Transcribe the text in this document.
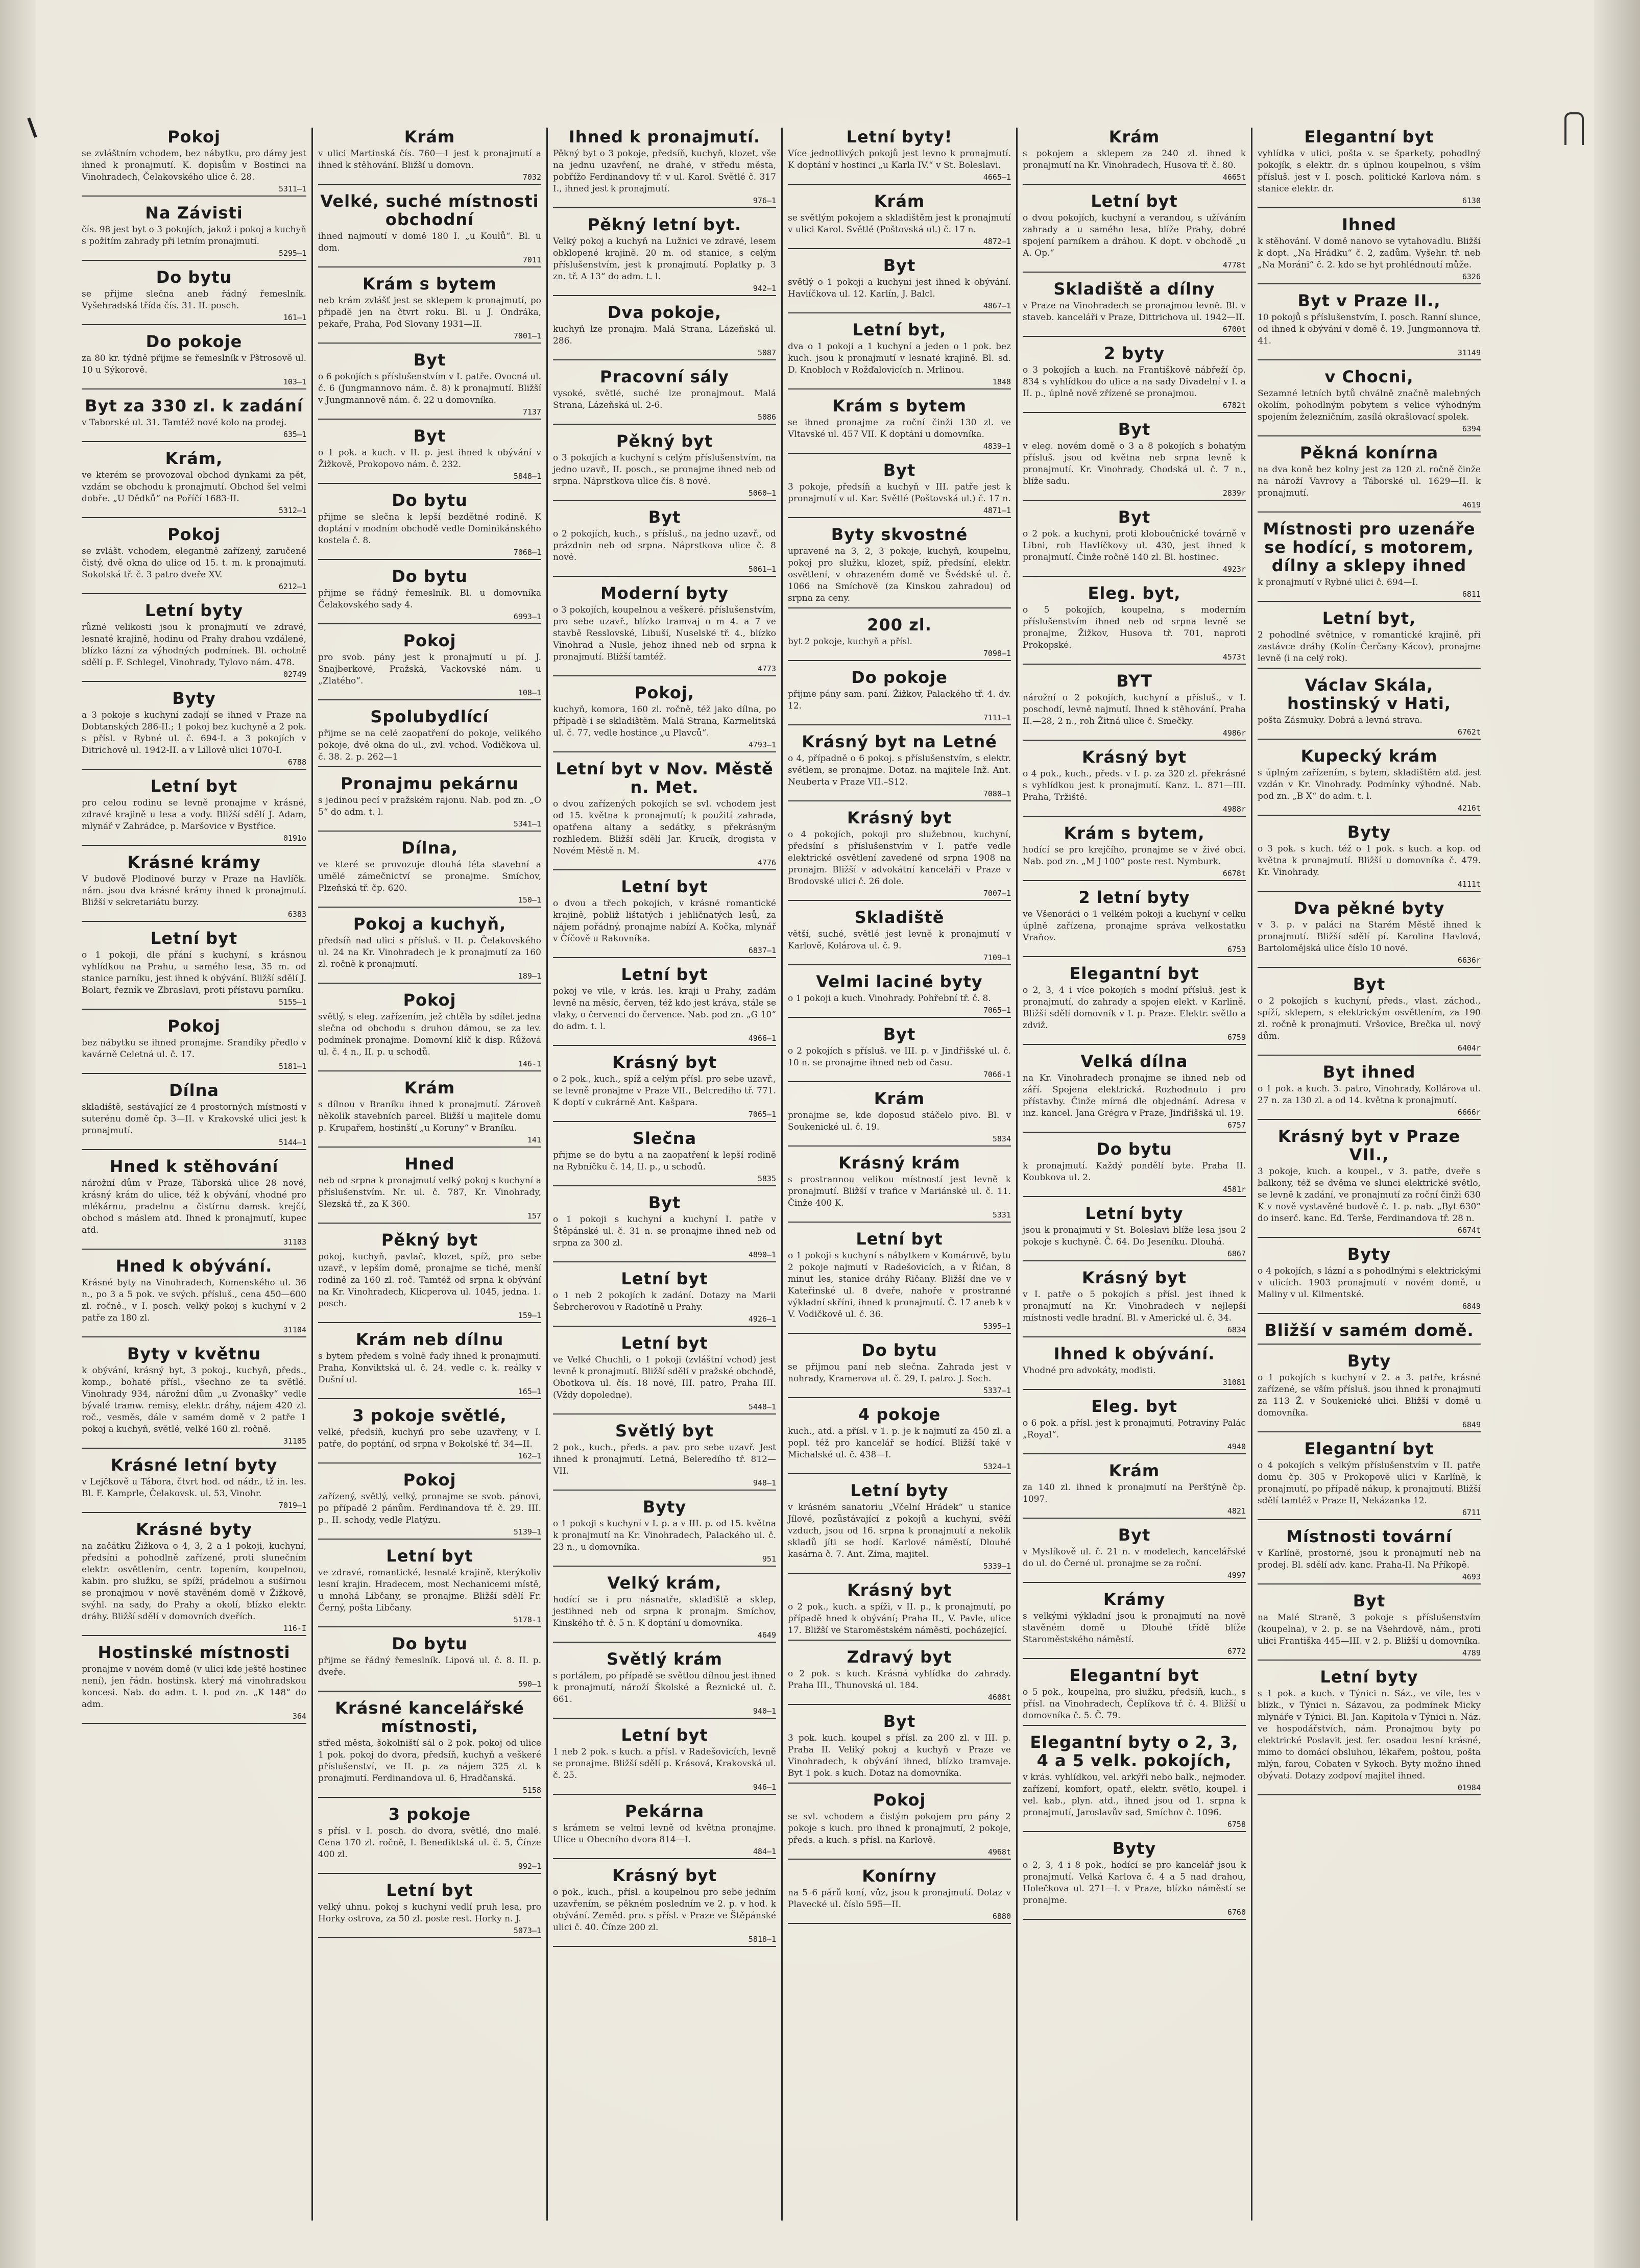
Pokoj

se zvláštním vchodem, bez nábytku, pro dámy jest ihned k pronajmutí. K. dopisům v Bostinci na Vinohradech, Čelakovského ulice č. 28.

5311—1
Na Závisti

čís. 98 jest byt o 3 pokojích, jakož i pokoj a kuchyň s požitím zahrady při letním pronajmutí.

5295—1
Do bytu

se přijme slečna aneb řádný řemeslník. Vyšehradská třída čís. 31. II. posch.

161—1
Do pokoje

za 80 kr. týdně přijme se řemeslník v Pštrosově ul. 10 u Sýkorově.

103—1
Byt za 330 zl. k zadání

v Taborské ul. 31. Tamtéž nové kolo na prodej.

635—1
Krám,

ve kterém se provozoval obchod dynkami za pět, vzdám se obchodu k pronajmutí. Obchod šel velmi dobře. „U Dědků“ na Poříčí 1683-II.

5312—1
Pokoj

se zvlášt. vchodem, elegantně zařízený, zaručeně čistý, dvě okna do ulice od 15. t. m. k pronajmutí. Sokolská tř. č. 3 patro dveře XV.

6212—1
Letní byty

různé velikosti jsou k pronajmutí ve zdravé, lesnaté krajině, hodinu od Prahy drahou vzdálené, blízko lázní za výhodných podmínek. Bl. ochotně sdělí p. F. Schlegel, Vinohrady, Tylovo nám. 478.

02749
Byty

a 3 pokoje s kuchyní zadají se ihned v Praze na Dobtanských 286-II.; 1 pokoj bez kuchyně a 2 pok. s přísl. v Rybné ul. č. 694-I. a 3 pokojích v Ditrichově ul. 1942-II. a v Lillově ulici 1070-I.

6788
Letní byt

pro celou rodinu se levně pronajme v krásné, zdravé krajině u lesa a vody. Bližší sdělí J. Adam, mlynář v Zahrádce, p. Maršovice v Bystřice.

0191o
Krásné krámy

V budově Plodinové burzy v Praze na Havlíčk. nám. jsou dva krásné krámy ihned k pronajmutí. Bližší v sekretariátu burzy.

6383
Letní byt

o 1 pokoji, dle přání s kuchyní, s krásnou vyhlídkou na Prahu, u samého lesa, 35 m. od stanice parníku, jest ihned k obývání. Bližší sdělí J. Bolart, řezník ve Zbraslavi, proti přístavu parníku.

5155—1
Pokoj

bez nábytku se ihned pronajme. Srandíky předlo v kavárně Celetná ul. č. 17.

5181—1
Dílna

skladiště, sestávající ze 4 prostorných místností v suterénu domě čp. 3—II. v Krakovské ulici jest k pronajmutí.

5144—1
Hned k stěhování

nárožní dům v Praze, Táborská ulice 28 nové, krásný krám do ulice, též k obývání, vhodné pro mlékárnu, pradelnu a čistírnu damsk. krejčí, obchod s máslem atd. Ihned k pronajmutí, kupec atd.

31103
Hned k obývání.

Krásné byty na Vinohradech, Komenského ul. 36 n., po 3 a 5 pok. ve svých. přísluš., cena 450—600 zl. ročně., v I. posch. velký pokoj s kuchyní v 2 patře za 180 zl.

31104
Byty v květnu

k obývání, krásný byt, 3 pokoj., kuchyň, předs., komp., bohaté přísl., všechno ze ta světlé. Vinohrady 934, nárožní dům „u Zvonašky“ vedle bývalé tramw. remisy, elektr. dráhy, nájem 420 zl. roč., vesměs, dále v samém domě v 2 patře 1 pokoj a kuchyň, světlé, velké 160 zl. ročně.

31105
Krásné letní byty

v Lejčkově u Tábora, čtvrt hod. od nádr., tž in. les. Bl. F. Kamprle, Čelakovsk. ul. 53, Vinohr.

7019—1
Krásné byty

na začátku Žižkova o 4, 3, 2 a 1 pokoji, kuchyní, předsíni a pohodlně zařízené, proti slunečním elektr. osvětlením, centr. topením, koupelnou, kabin. pro služku, se spíží, prádelnou a sušírnou se pronajmou v nově stavěném domě v Žižkově, svýhl. na sady, do Prahy a okolí, blízko elektr. dráhy. Bližší sdělí v domovních dveřích.

116-I
Hostinské místnosti

pronajme v novém domě (v ulici kde ještě hostinec není), jen řádn. hostinsk. který má vinohradskou koncesi. Nab. do adm. t. l. pod zn. „K 148“ do adm.

364
Krám

v ulici Martinská čís. 760—1 jest k pronajmutí a ihned k stěhování. Bližší u domovn.

7032
Velké, suché místnosti obchodní

ihned najmoutí v domě 180 I. „u Koulů“. Bl. u dom.

7011
Krám s bytem

neb krám zvlášť jest se sklepem k pronajmutí, po připadě jen na čtvrt roku. Bl. u J. Ondráka, pekaře, Praha, Pod Slovany 1931—II.

7001—1
Byt

o 6 pokojích s příslušenstvím v I. patře. Ovocná ul. č. 6 (Jungmannovo nám. č. 8) k pronajmutí. Bližší v Jungmannově nám. č. 22 u domovníka.

7137
Byt

o 1 pok. a kuch. v II. p. jest ihned k obývání v Žižkově, Prokopovo nám. č. 232.

5848—1
Do bytu

přijme se slečna k lepší bezdětné rodině. K doptání v modním obchodě vedle Dominikánského kostela č. 8.

7068—1
Do bytu

přijme se řádný řemeslník. Bl. u domovníka Čelakovského sady 4.

6993—1
Pokoj

pro svob. pány jest k pronajmutí u pí. J. Snajberkové, Pražská, Vackovské nám. u „Zlatého“.

108—1
Spolubydlící

přijme se na celé zaopatření do pokoje, velikého pokoje, dvě okna do ul., zvl. vchod. Vodičkova ul. č. 38. 2. p. 262—1

Pronajmu pekárnu

s jedinou pecí v pražském rajonu. Nab. pod zn. „O 5“ do adm. t. l.

5341—1
Dílna,

ve které se provozuje dlouhá léta stavební a umělé zámečnictví se pronajme. Smíchov, Plzeňská tř. čp. 620.

150—1
Pokoj a kuchyň,

předsíň nad ulici s přísluš. v II. p. Čelakovského ul. 24 na Kr. Vinohradech je k pronajmutí za 160 zl. ročně k pronajmutí.

189—1
Pokoj

světlý, s eleg. zařízením, jež chtěla by sdílet jedna slečna od obchodu s druhou dámou, se za lev. podmínek pronajme. Domovní klíč k disp. Růžová ul. č. 4 n., II. p. u schodů.

146-1
Krám

s dílnou v Braníku ihned k pronajmutí. Zároveň několik stavebních parcel. Bližší u majitele domu p. Krupařem, hostinští „u Koruny“ v Braníku.

141
Hned

neb od srpna k pronajmutí velký pokoj s kuchyní a příslušenstvím. Nr. ul. č. 787, Kr. Vinohrady, Slezská tř., za K 360.

157
Pěkný byt

pokoj, kuchyň, pavlač, klozet, spíž, pro sebe uzavř., v lepším domě, pronajme se tiché, menší rodině za 160 zl. roč. Tamtéž od srpna k obývání na Kr. Vinohradech, Klicperova ul. 1045, jedna. 1. posch.

159—1
Krám neb dílnu

s bytem předem s volně řady ihned k pronajmutí. Praha, Konviktská ul. č. 24. vedle c. k. reálky v Dušní ul.

165—1
3 pokoje světlé,

velké, předsíň, kuchyň pro sebe uzavřeny, v I. patře, do poptání, od srpna v Bokolské tř. 34—II.

162—1
Pokoj

zařízený, světlý, velký, pronajme se svob. pánovi, po případě 2 pánům. Ferdinandova tř. č. 29. III. p., II. schody, vedle Platýzu.

5139—1
Letní byt

ve zdravé, romantické, lesnaté krajině, kterýkoliv lesní krajin. Hradecem, most Nechanicemi místě, u mnohá Libčany, se pronajme. Bližší sdělí Fr. Černý, pošta Libčany.

5178-1
Do bytu

přijme se řádný řemeslník. Lipová ul. č. 8. II. p. dveře.

590—1
Krásné kancelářské místnosti,

střed města, šokolniští sál o 2 pok. pokoj od ulice 1 pok. pokoj do dvora, předsíň, kuchyň a veškeré příslušenství, ve II. p. za nájem 325 zl. k pronajmutí. Ferdinandova ul. 6, Hradčanská.

5158
3 pokoje

s přísl. v I. posch. do dvora, světlé, dno malé. Cena 170 zl. ročně, I. Benediktská ul. č. 5, Čínze 400 zl.

992—1
Letní byt

velký uhnu. pokoj s kuchyní vedlí pruh lesa, pro Horky ostrova, za 50 zl. poste rest. Horky n. J.

5073—1
Ihned k pronajmutí.

Pěkný byt o 3 pokoje, předsíň, kuchyň, klozet, vše na jednu uzavření, ne drahé, v středu města, pobřížo Ferdinandovy tř. v ul. Karol. Světlé č. 317 I., ihned jest k pronajmutí.

976—1
Pěkný letní byt.

Velký pokoj a kuchyň na Lužnici ve zdravé, lesem obklopené krajině. 20 m. od stanice, s celým příslušenstvím, jest k pronajmutí. Poplatky p. 3 zn. tř. A 13“ do adm. t. l.

942—1
Dva pokoje,

kuchyň lze pronajm. Malá Strana, Lázeňská ul. 286.

5087
Pracovní sály

vysoké, světlé, suché lze pronajmout. Malá Strana, Lázeňská ul. 2-6.

5086
Pěkný byt

o 3 pokojích a kuchyní s celým příslušenstvím, na jedno uzavř., II. posch., se pronajme ihned neb od srpna. Náprstkova ulice čís. 8 nové.

5060—1
Byt

o 2 pokojích, kuch., s přísluš., na jedno uzavř., od prázdnin neb od srpna. Náprstkova ulice č. 8 nové.

5061—1
Moderní byty

o 3 pokojích, koupelnou a veškeré. příslušenstvím, pro sebe uzavř., blízko tramvaj o m 4. a 7 ve stavbě Resslovské, Libuší, Nuselské tř. 4., blízko Vinohrad a Nusle, jehoz ihned neb od srpna k pronajmutí. Bližší tamtéž.

4773
Pokoj,

kuchyň, komora, 160 zl. ročně, též jako dílna, po případě i se skladištěm. Malá Strana, Karmelitská ul. č. 77, vedle hostince „u Plavců“.

4793—1
Letní byt v Nov. Městě n. Met.

o dvou zařízených pokojích se svl. vchodem jest od 15. května k pronajmutí; k použití zahrada, opatřena altany a sedátky, s překrásným rozhledem. Bližší sdělí Jar. Krucík, drogista v Novém Městě n. M.

4776
Letní byt

o dvou a třech pokojích, v krásné romantické krajině, pobliž lištatých i jehličnatých lesů, za nájem pořádný, pronajme nabízí A. Kočka, mlynář v Číčově u Rakovníka.

6837—1
Letní byt

pokoj ve vile, v krás. les. kraji u Prahy, zadám levně na měsíc, červen, též kdo jest kráva, stále se vlaky, o červenci do července. Nab. pod zn. „G 10“ do adm. t. l.

4966—1
Krásný byt

o 2 pok., kuch., spíž a celým přísl. pro sebe uzavř., se levně pronajme v Praze VII., Belcrediho tř. 771. K doptí v cukrárně Ant. Kašpara.

7065—1
Slečna

přijme se do bytu a na zaopatření k lepší rodině na Rybníčku č. 14, II. p., u schodů.

5835
Byt

o 1 pokoji s kuchyní a kuchyní I. patře v Štěpánské ul. č. 31 n. se pronajme ihned neb od srpna za 300 zl.

4890—1
Letní byt

o 1 neb 2 pokojích k zadání. Dotazy na Marii Šebrcherovou v Radotíně u Prahy.

4926—1
Letní byt

ve Velké Chuchli, o 1 pokoji (zvláštní vchod) jest levně k pronajmutí. Bližší sdělí v pražské obchodě, Obotkova ul. čís. 18 nové, III. patro, Praha III. (Vždy dopoledne).

5448—1
Světlý byt

2 pok., kuch., předs. a pav. pro sebe uzavř. Jest ihned k pronajmutí. Letná, Beleredího tř. 812—VII.

948—1
Byty

o 1 pokoji s kuchyní v I. p. a v III. p. od 15. května k pronajmutí na Kr. Vinohradech, Palackého ul. č. 23 n., u domovníka.

951
Velký krám,

hodící se i pro násnatře, skladiště a sklep, jestihned neb od srpna k pronajm. Smíchov, Kinského tř. č. 5 n. K doptání u domovníka.

4649
Světlý krám

s portálem, po případě se světlou dílnou jest ihned k pronajmutí, nároží Školské a Řeznické ul. č. 661.

940—1
Letní byt

1 neb 2 pok. s kuch. a přísl. v Radešovicích, levně se pronajme. Bližší sdělí p. Krásová, Krakovská ul. č. 25.

946—1
Pekárna

s krámem se velmi levně od května pronajme. Ulice u Obecního dvora 814—I.

484—1
Krásný byt

o pok., kuch., přísl. a koupelnou pro sebe jedním uzavřením, se pěkném posledním ve 2. p. v hod. k obývání. Zeměd. pro. s přísl. v Praze ve Štěpánské ulici č. 40. Čínze 200 zl.

5818—1
Letní byty!

Více jednotlivých pokojů jest levno k pronajmutí. K doptání v hostinci „u Karla IV.“ v St. Boleslavi.

4665—1
Krám

se světlým pokojem a skladištěm jest k pronajmutí v ulici Karol. Světlé (Poštovská ul.) č. 17 n.

4872—1
Byt

světlý o 1 pokoji a kuchyni jest ihned k obývání. Havlíčkova ul. 12. Karlín, J. Balcl.

4867—1
Letní byt,

dva o 1 pokoji a 1 kuchyní a jeden o 1 pok. bez kuch. jsou k pronajmutí v lesnaté krajině. Bl. sd. D. Knobloch v Rožďalovicích n. Mrlinou.

1848
Krám s bytem

se ihned pronajme za roční činži 130 zl. ve Vltavské ul. 457 VII. K doptání u domovníka.

4839—1
Byt

3 pokoje, předsíň a kuchyň v III. patře jest k pronajmutí v ul. Kar. Světlé (Poštovská ul.) č. 17 n.

4871—1
Byty skvostné

upravené na 3, 2, 3 pokoje, kuchyň, koupelnu, pokoj pro služku, klozet, spíž, předsíní, elektr. osvětlení, v ohrazeném domě ve Švédské ul. č. 1066 na Smíchově (za Kinskou zahradou) od srpna za ceny.

200 zl.

byt 2 pokoje, kuchyň a přísl.

7098—1
Do pokoje

přijme pány sam. paní. Žižkov, Palackého tř. 4. dv. 12.

7111—1
Krásný byt na Letné

o 4, případně o 6 pokoj. s příslušenstvím, s elektr. světlem, se pronajme. Dotaz. na majitele Inž. Ant. Neuberta v Praze VII.–S12.

7080—1
Krásný byt

o 4 pokojích, pokoji pro služebnou, kuchyní, předsíní s příslušenstvím v I. patře vedle elektrické osvětlení zavedené od srpna 1908 na pronajm. Bližší v advokátní kanceláři v Praze v Brodovské ulici č. 26 dole.

7007—1
Skladiště

větší, suché, světlé jest levně k pronajmutí v Karlově, Kolárova ul. č. 9.

7109—1
Velmi laciné byty

o 1 pokoji a kuch. Vinohrady. Pohřební tř. č. 8.

7065—1
Byt

o 2 pokojích s přísluš. ve III. p. v Jindřišské ul. č. 10 n. se pronajme ihned neb od času.

7066-1
Krám

pronajme se, kde doposud stáčelo pivo. Bl. v Soukenické ul. č. 19.

5834
Krásný krám

s prostrannou velikou místností jest levně k pronajmutí. Bližší v trafice v Mariánské ul. č. 11. Činže 400 K.

5331
Letní byt

o 1 pokoji s kuchyní s nábytkem v Komárově, bytu 2 pokoje najmutí v Radešovicích, a v Řičan, 8 minut les, stanice dráhy Ričany. Bližší dne ve v Kateřinské ul. 8 dveře, nahoře v prostranné výkladní skříni, ihned k pronajmutí. Č. 17 aneb k v V. Vodičkově ul. č. 36.

5395—1
Do bytu

se přijmou paní neb slečna. Zahrada jest v nohrady, Kramerova ul. č. 29, I. patro. J. Soch.

5337—1
4 pokoje

kuch., atd. a přísl. v 1. p. je k najmutí za 450 zl. a popl. též pro kancelář se hodící. Bližší také v Michalské ul. č. 438—I.

5324—1
Letní byty

v krásném sanatoriu „Včelní Hrádek“ u stanice Jílové, pozůstávající z pokojů a kuchyní, svěží vzduch, jsou od 16. srpna k pronajmutí a nekolik skladů jíti se hodí. Karlové náměstí, Dlouhé kasárna č. 7. Ant. Zíma, majitel.

5339—1
Krásný byt

o 2 pok., kuch. a spíži, v II. p., k pronajmutí, po případě hned k obývání; Praha II., V. Pavle, ulice 17. Bližší ve Staroměstském náměstí, pocházející.

Zdravý byt

o 2 pok. s kuch. Krásná vyhlídka do zahrady. Praha III., Thunovská ul. 184.

4608t
Byt

3 pok. kuch. koupel s přísl. za 200 zl. v III. p. Praha II. Veliký pokoj a kuchyň v Praze ve Vinohradech, k obývání ihned, blízko tramvaje. Byt 1 pok. s kuch. Dotaz na domovníka.

Pokoj

se svl. vchodem a čistým pokojem pro pány 2 pokoje s kuch. pro ihned k pronajmutí, 2 pokoje, předs. a kuch. s přísl. na Karlově.

4968t
Konírny

na 5–6 párů koní, vůz, jsou k pronajmutí. Dotaz v Plavecké ul. číslo 595—II.

6880
Krám

s pokojem a sklepem za 240 zl. ihned k pronajmutí na Kr. Vinohradech, Husova tř. č. 80.

4665t
Letní byt

o dvou pokojích, kuchyní a verandou, s užíváním zahrady a u samého lesa, blíže Prahy, dobré spojení parníkem a dráhou. K dopt. v obchodě „u A. Op.“

4778t
Skladiště a dílny

v Praze na Vinohradech se pronajmou levně. Bl. v staveb. kanceláři v Praze, Dittrichova ul. 1942—II.

6700t
2 byty

o 3 pokojích a kuch. na Františkově nábřeží čp. 834 s vyhlídkou do ulice a na sady Divadelní v I. a II. p., úplně nově zřízené se pronajmou.

6782t
Byt

v eleg. novém domě o 3 a 8 pokojích s bohatým přísluš. jsou od května neb srpna levně k pronajmutí. Kr. Vinohrady, Chodská ul. č. 7 n., blíže sadu.

2839r
Byt

o 2 pok. a kuchyni, proti kloboučnické továrně v Libni, roh Havlíčkovy ul. 430, jest ihned k pronajmutí. Činže ročně 140 zl. Bl. hostinec.

4923r
Eleg. byt,

o 5 pokojích, koupelna, s moderním příslušenstvím ihned neb od srpna levně se pronajme, Žižkov, Husova tř. 701, naproti Prokopské.

4573t
BYT

nárožní o 2 pokojích, kuchyní a přísluš., v I. poschodí, levně najmutí. Ihned k stěhování. Praha II.—28, 2 n., roh Žitná ulice č. Smečky.

4986r
Krásný byt

o 4 pok., kuch., předs. v I. p. za 320 zl. překrásné s vyhlídkou jest k pronajmutí. Kanz. L. 871—III. Praha, Tržiště.

4988r
Krám s bytem,

hodící se pro krejčího, pronajme se v živé obci. Nab. pod zn. „M J 100“ poste rest. Nymburk.

6678t
2 letní byty

ve Všenoráci o 1 velkém pokoji a kuchyní v celku úplně zařízena, pronajme správa velkostatku Vraňov.

6753
Elegantní byt

o 2, 3, 4 i více pokojích s modní přísluš. jest k pronajmutí, do zahrady a spojen elekt. v Karlině. Bližší sdělí domovník v I. p. Praze. Elektr. světlo a zdviž.

6759
Velká dílna

na Kr. Vinohradech pronajme se ihned neb od září. Spojena elektrická. Rozhodnuto i pro přístavby. Činže mírná dle objednání. Adresa v inz. kancel. Jana Grégra v Praze, Jindřišská ul. 19.

6757
Do bytu

k pronajmutí. Každý pondělí byte. Praha II. Koubkova ul. 2.

4581r
Letní byty

jsou k pronajmutí v St. Boleslavi blíže lesa jsou 2 pokoje s kuchyně. Č. 64. Do Jeseníku. Dlouhá.

6867
Krásný byt

v I. patře o 5 pokojích s přísl. jest ihned k pronajmutí na Kr. Vinohradech v nejlepší místnosti vedle hradní. Bl. v Americké ul. č. 34.

6834
Ihned k obývání.

Vhodné pro advokáty, modisti.

31081
Eleg. byt

o 6 pok. a přísl. jest k pronajmutí. Potraviny Palác „Royal“.

4940
Krám

za 140 zl. ihned k pronajmutí na Perštýně čp. 1097.

4821
Byt

v Myslíkově ul. č. 21 n. v modelech, kancelářské do ul. do Černé ul. pronajme se za roční.

4997
Krámy

s velkými výkladní jsou k pronajmutí na nově stavěném domě u Dlouhé třídě blíže Staroměstského náměstí.

6772
Elegantní byt

o 5 pok., koupelna, pro služku, předsíň, kuch., s přísl. na Vinohradech, Čeplíkova tř. č. 4. Bližší u domovníka č. 5. Č. 79.

Elegantní byty o 2, 3, 4 a 5 velk. pokojích,

v krás. vyhlídkou, vel. arkýři nebo balk., nejmoder. zařízení, komfort, opatř., elektr. světlo, koupel. i vel. kab., plyn. atd., ihned jsou od 1. srpna k pronajmutí, Jaroslavův sad, Smíchov č. 1096.

6758
Byty

o 2, 3, 4 i 8 pok., hodící se pro kancelář jsou k pronajmutí. Velká Karlova č. 4 a 5 nad drahou, Holečkova ul. 271—I. v Praze, blízko náměstí se pronajme.

6760
Elegantní byt

vyhlídka v ulici, pošta v. se šparkety, pohodlný pokojík, s elektr. dr. s úplnou koupelnou, s vším přísluš. jest v I. posch. politické Karlova nám. s stanice elektr. dr.

6130
Ihned

k stěhování. V domě nanovo se vytahovadlu. Bližší k dopt. „Na Hrádku“ č. 2, zadům. Vyšehr. tř. neb „Na Moráni“ č. 2. kdo se hyt prohlédnoutí může.

6326
Byt v Praze II.,

10 pokojů s příslušenstvím, I. posch. Ranní slunce, od ihned k obývání v domě č. 19. Jungmannova tř. 41.

31149
v Chocni,

Sezamné letních bytů chválně značně malebných okolím, pohodlným pobytem s velice výhodným spojením železničním, zasílá okrašlovací spolek.

6394
Pěkná konírna

na dva koně bez kolny jest za 120 zl. ročně činže na nároží Vavrovy a Táborské ul. 1629—II. k pronajmutí.

4619
Místnosti pro uzenáře se hodící, s motorem, dílny a sklepy ihned

k pronajmutí v Rybné ulici č. 694—I.

6811
Letní byt,

2 pohodlné světnice, v romantické krajině, při zastávce dráhy (Kolín–Čerčany–Kácov), pronajme levně (i na celý rok).

Václav Skála, hostinský v Hati,

pošta Zásmuky. Dobrá a levná strava.

6762t
Kupecký krám

s úplným zařízením, s bytem, skladištěm atd. jest vzdán v Kr. Vinohrady. Podmínky výhodné. Nab. pod zn. „B X“ do adm. t. l.

4216t
Byty

o 3 pok. s kuch. též o 1 pok. s kuch. a kop. od května k pronajmutí. Bližší u domovníka č. 479. Kr. Vinohrady.

4111t
Dva pěkné byty

v 3. p. v paláci na Starém Městě ihned k pronajmutí. Bližší sdělí pí. Karolina Havlová, Bartolomějská ulice číslo 10 nové.

6636r
Byt

o 2 pokojích s kuchyní, předs., vlast. záchod., spíží, sklepem, s elektrickým osvětlením, za 190 zl. ročně k pronajmutí. Vršovice, Brečka ul. nový dům.

6404r
Byt ihned

o 1 pok. a kuch. 3. patro, Vinohrady, Kollárova ul. 27 n. za 130 zl. a od 14. května k pronajmutí.

6666r
Krásný byt v Praze VII.,

3 pokoje, kuch. a koupel., v 3. patře, dveře s balkony, též se dvěma ve slunci elektrické světlo, se levně k zadání, ve pronajmutí za roční činži 630 K v nově vystavěné budově č. 1. p. nab. „Byt 630“ do inserč. kanc. Ed. Terše, Ferdinandova tř. 28 n.

6674t
Byty

o 4 pokojích, s lázní a s pohodlnými s elektrickými v ulicích. 1903 pronajmutí v novém domě, u Maliny v ul. Kilmentské.

6849
Bližší v samém domě.

Byty

o 1 pokojích s kuchyní v 2. a 3. patře, krásné zařízené, se vším přísluš. jsou ihned k pronajmutí za 113 Ž. v Soukenické ulici. Bližší v domě u domovníka.

6849
Elegantní byt

o 4 pokojích s velkým příslušenstvím v II. patře domu čp. 305 v Prokopově ulici v Karlíně, k pronajmutí, po případě nákup, k pronajmutí. Bližší sdělí tamtéž v Praze II, Nekázanka 12.

6711
Místnosti tovární

v Karlíně, prostorné, jsou k pronajmutí neb na prodej. Bl. sdělí adv. kanc. Praha-II. Na Příkopě.

4693
Byt

na Malé Straně, 3 pokoje s příslušenstvím (koupelna), v 2. p. se na Všehrdově, nám., proti ulici Františka 445—III. v 2. p. Bližší u domovníka.

4789
Letní byty

s 1 pok. a kuch. v Týnici n. Sáz., ve vile, les v blízk., v Týnici n. Sázavou, za podmínek Micky mlynáře v Týnici. Bl. Jan. Kapitola v Týnici n. Náz. ve hospodářstvích, nám. Pronajmou byty po elektrické Poslavit jest fer. osadou lesní krásné, mimo to domácí obsluhou, lékařem, poštou, pošta mlýn, farou, Cobaten v Sykoch. Byty možno ihned obývati. Dotazy zodpoví majitel ihned.

01984
